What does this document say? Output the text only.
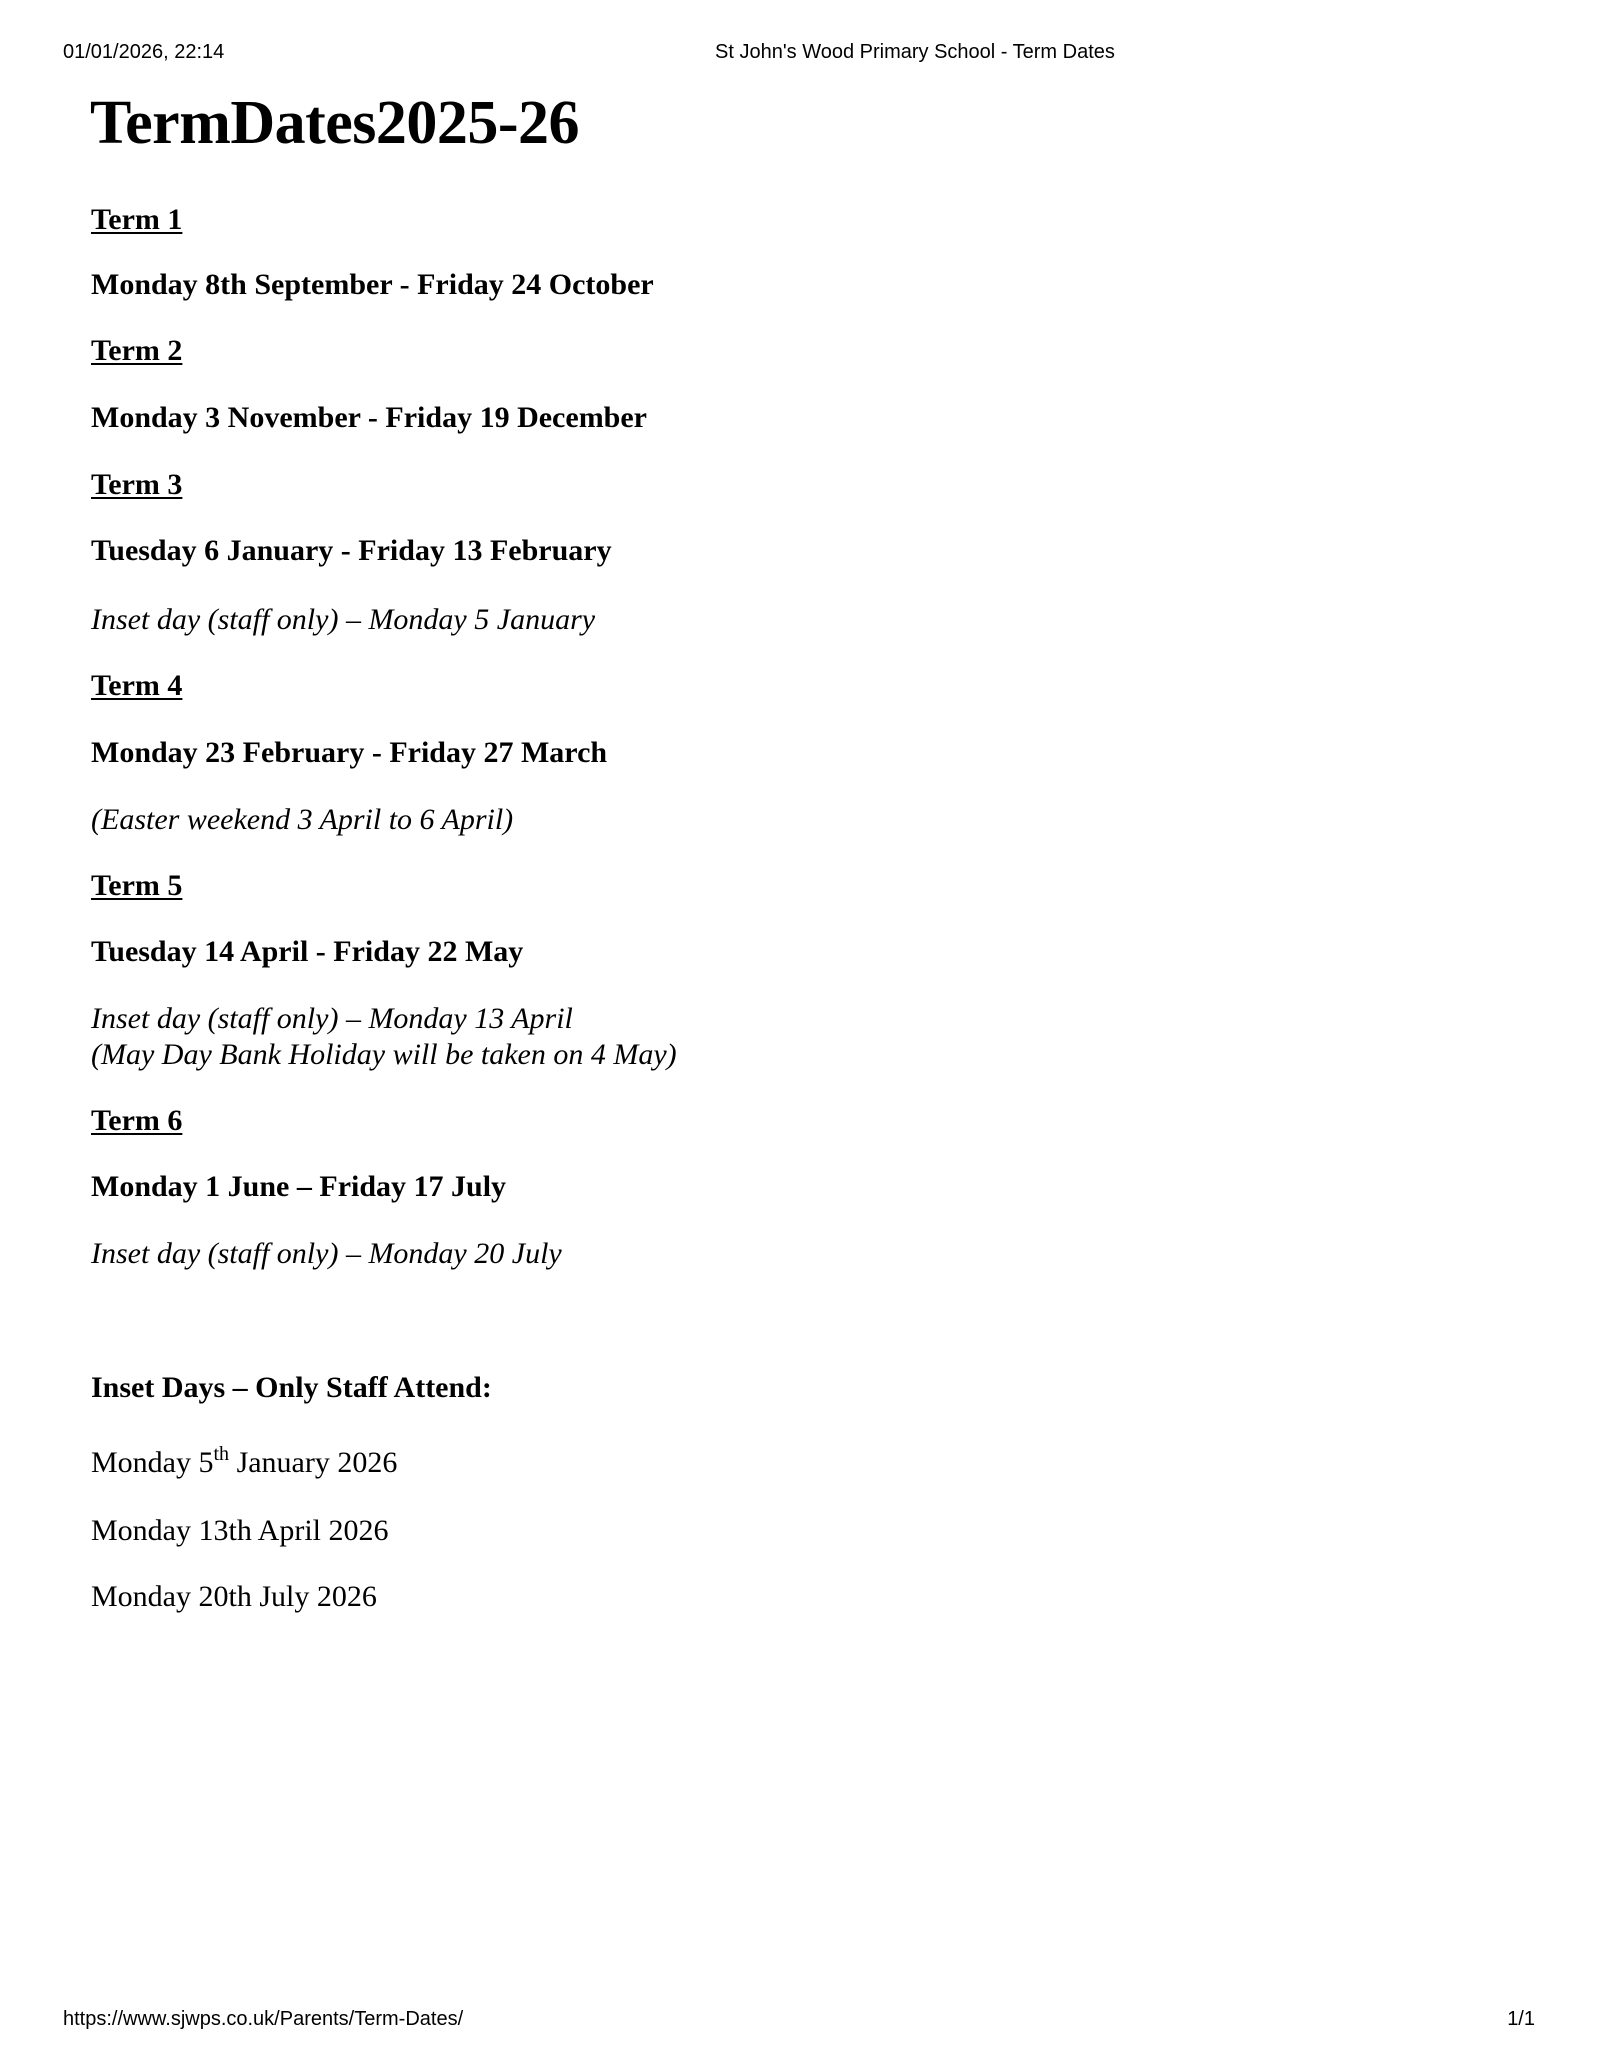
01/01/2026, 22:14	St John's Wood Primary School - Term Dates
TermDates2025-26

Term 1

Monday 8th September - Friday 24 October

Term 2

Monday 3 November - Friday 19 December

Term 3

Tuesday 6 January - Friday 13 February

Inset day (staff only) – Monday 5 January

Term 4

Monday 23 February - Friday 27 March

(Easter weekend 3 April to 6 April)

Term 5

Tuesday 14 April - Friday 22 May

Inset day (staff only) – Monday 13 April

(May Day Bank Holiday will be taken on 4 May)

Term 6

Monday 1 June – Friday 17 July

Inset day (staff only) – Monday 20 July

Inset Days – Only Staff Attend:

Monday 5th January 2026

Monday 13th April 2026

Monday 20th July 2026

https://www.sjwps.co.uk/Parents/Term-Dates/	1/1
